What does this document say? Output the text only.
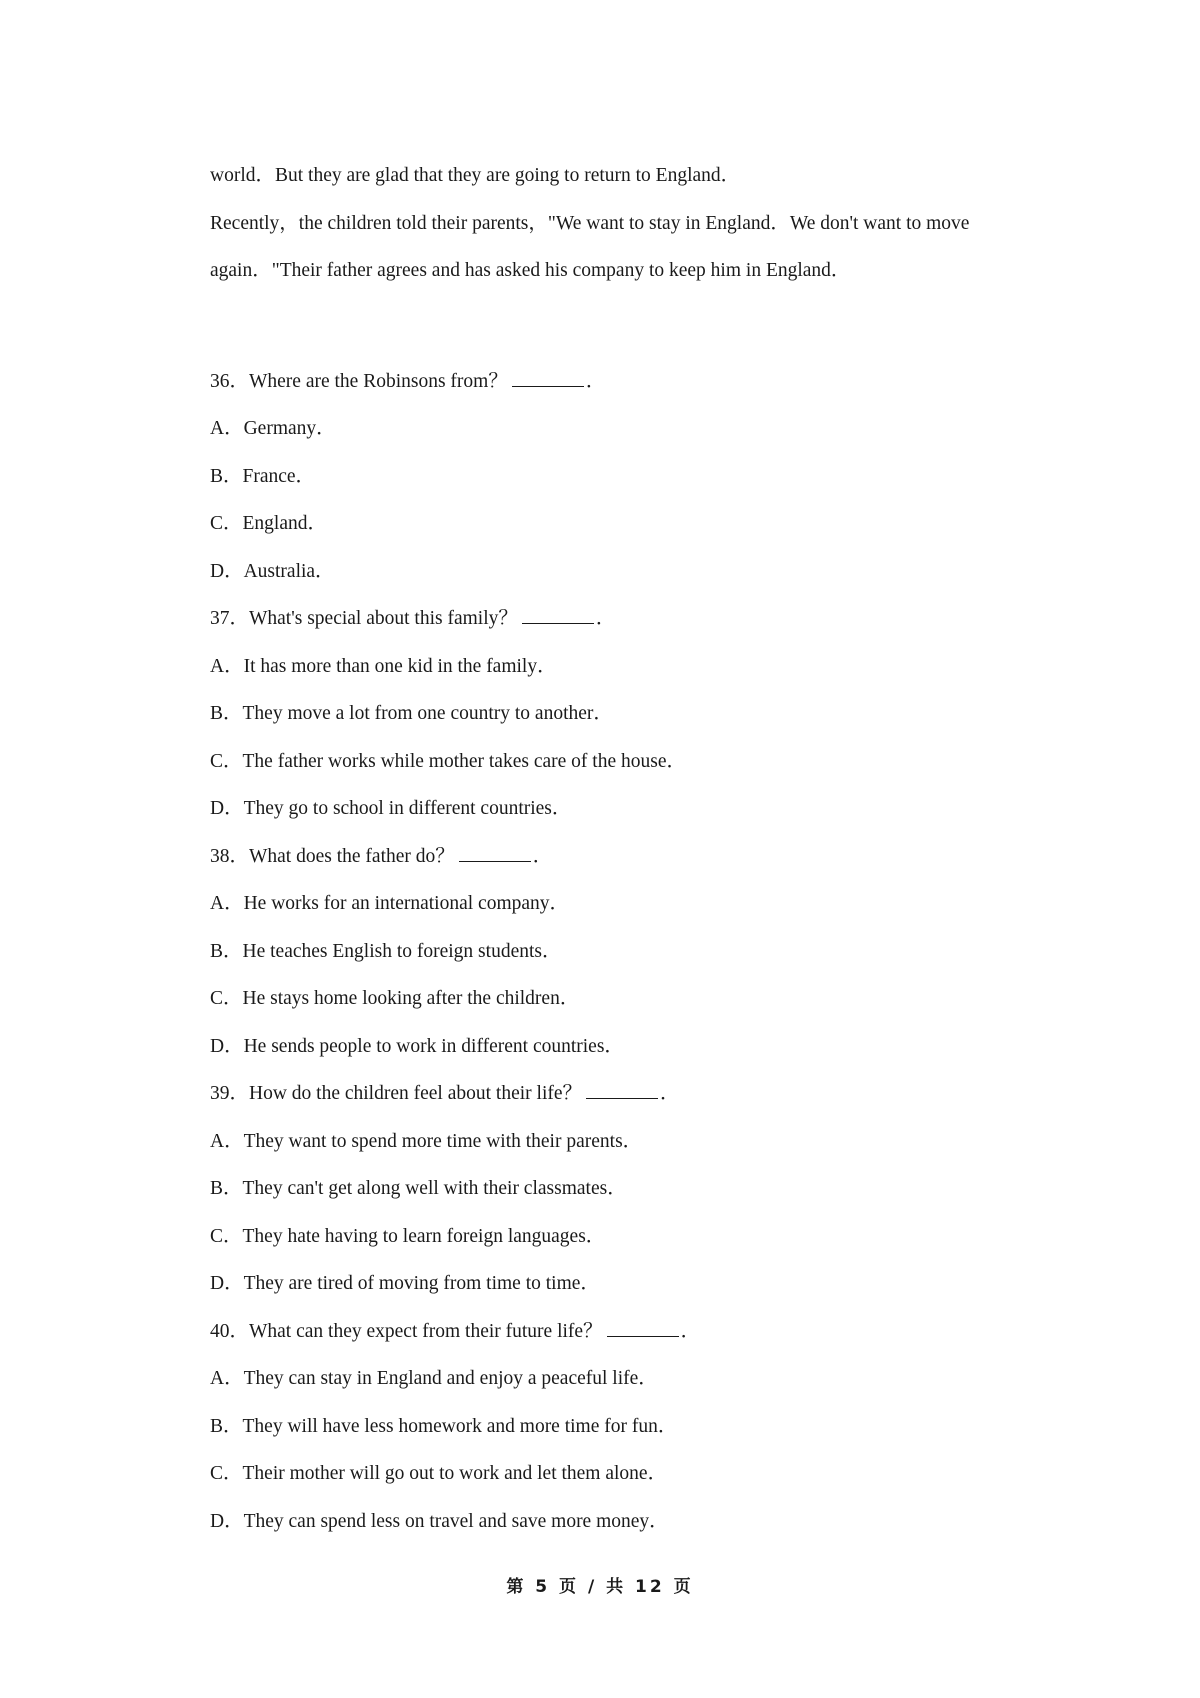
world．But they are glad that they are going to return to England．
Recently，the children told their parents，"We want to stay in England．We don't want to move
again．"Their father agrees and has asked his company to keep him in England．
36．Where are the Robinsons from？	．
A．Germany．
B．France．
C．England．
D．Australia．
37．What's special about this family？	．
A．It has more than one kid in the family．
B．They move a lot from one country to another．
C．The father works while mother takes care of the house．
D．They go to school in different countries．
38．What does the father do？	．
A．He works for an international company．
B．He teaches English to foreign students．
C．He stays home looking after the children．
D．He sends people to work in different countries．
39．How do the children feel about their life？	．
A．They want to spend more time with their parents．
B．They can't get along well with their classmates．
C．They hate having to learn foreign languages．
D．They are tired of moving from time to time．
40．What can they expect from their future life？	．
A．They can stay in England and enjoy a peaceful life．
B．They will have less homework and more time for fun．
C．Their mother will go out to work and let them alone．
D．They can spend less on travel and save more money．
第 5 页 / 共 12 页
